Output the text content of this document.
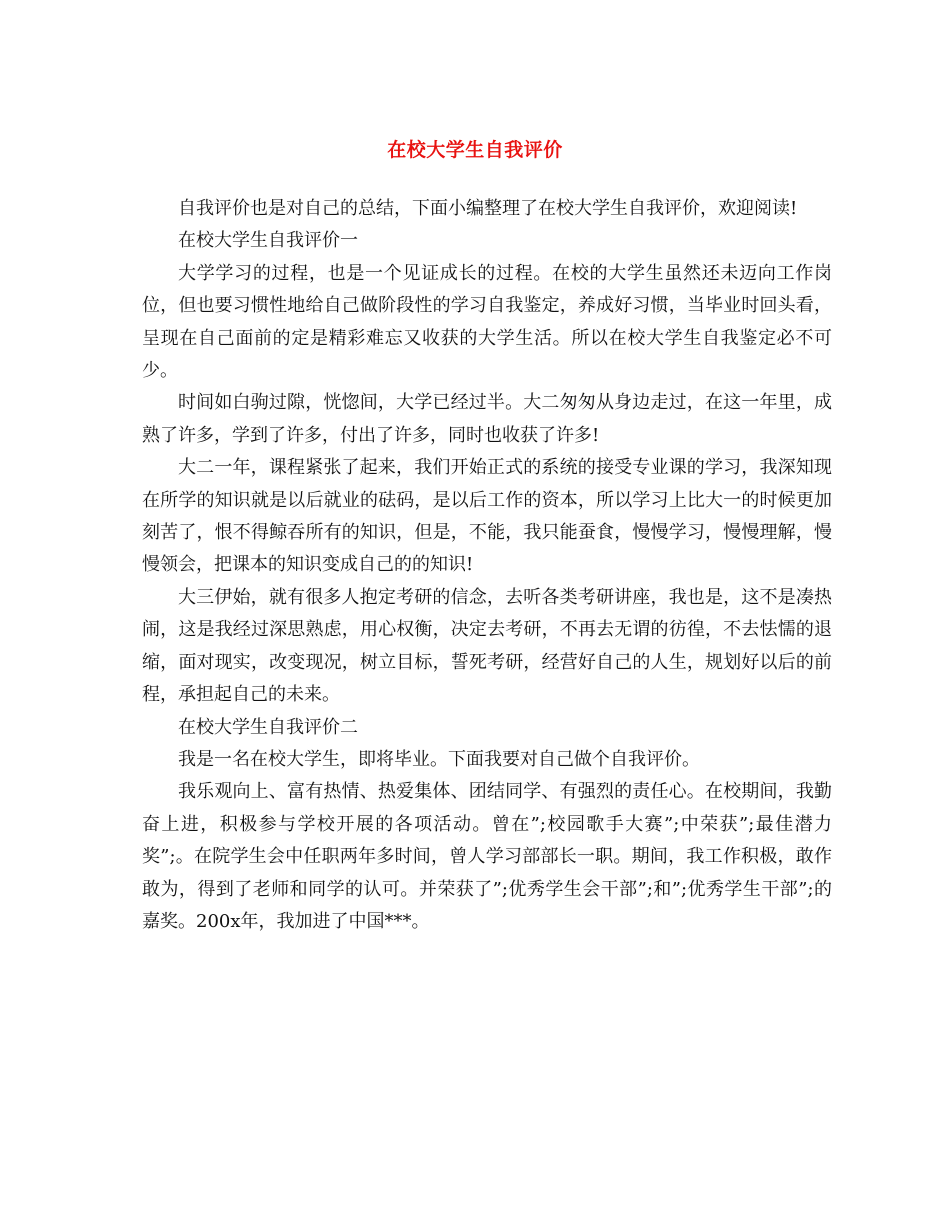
在校大学生自我评价

自我评价也是对自己的总结，下面小编整理了在校大学生自我评价，欢迎阅读!

在校大学生自我评价一

大学学习的过程，也是一个见证成长的过程。在校的大学生虽然还未迈向工作岗位，但也要习惯性地给自己做阶段性的学习自我鉴定，养成好习惯，当毕业时回头看，呈现在自己面前的定是精彩难忘又收获的大学生活。所以在校大学生自我鉴定必不可少。

时间如白驹过隙，恍惚间，大学已经过半。大二匆匆从身边走过，在这一年里，成熟了许多，学到了许多，付出了许多，同时也收获了许多!

大二一年，课程紧张了起来，我们开始正式的系统的接受专业课的学习，我深知现在所学的知识就是以后就业的砝码，是以后工作的资本，所以学习上比大一的时候更加刻苦了，恨不得鲸吞所有的知识，但是，不能，我只能蚕食，慢慢学习，慢慢理解，慢慢领会，把课本的知识变成自己的的知识!

大三伊始，就有很多人抱定考研的信念，去听各类考研讲座，我也是，这不是凑热闹，这是我经过深思熟虑，用心权衡，决定去考研，不再去无谓的彷徨，不去怯懦的退缩，面对现实，改变现况，树立目标，誓死考研，经营好自己的人生，规划好以后的前程，承担起自己的未来。

在校大学生自我评价二

我是一名在校大学生，即将毕业。下面我要对自己做个自我评价。

我乐观向上、富有热情、热爱集体、团结同学、有强烈的责任心。在校期间，我勤奋上进，积极参与学校开展的各项活动。曾在”;校园歌手大赛”;中荣获”;最佳潜力奖”;。在院学生会中任职两年多时间，曾人学习部部长一职。期间，我工作积极，敢作敢为，得到了老师和同学的认可。并荣获了”;优秀学生会干部”;和”;优秀学生干部”;的嘉奖。200x年，我加进了中国***。
